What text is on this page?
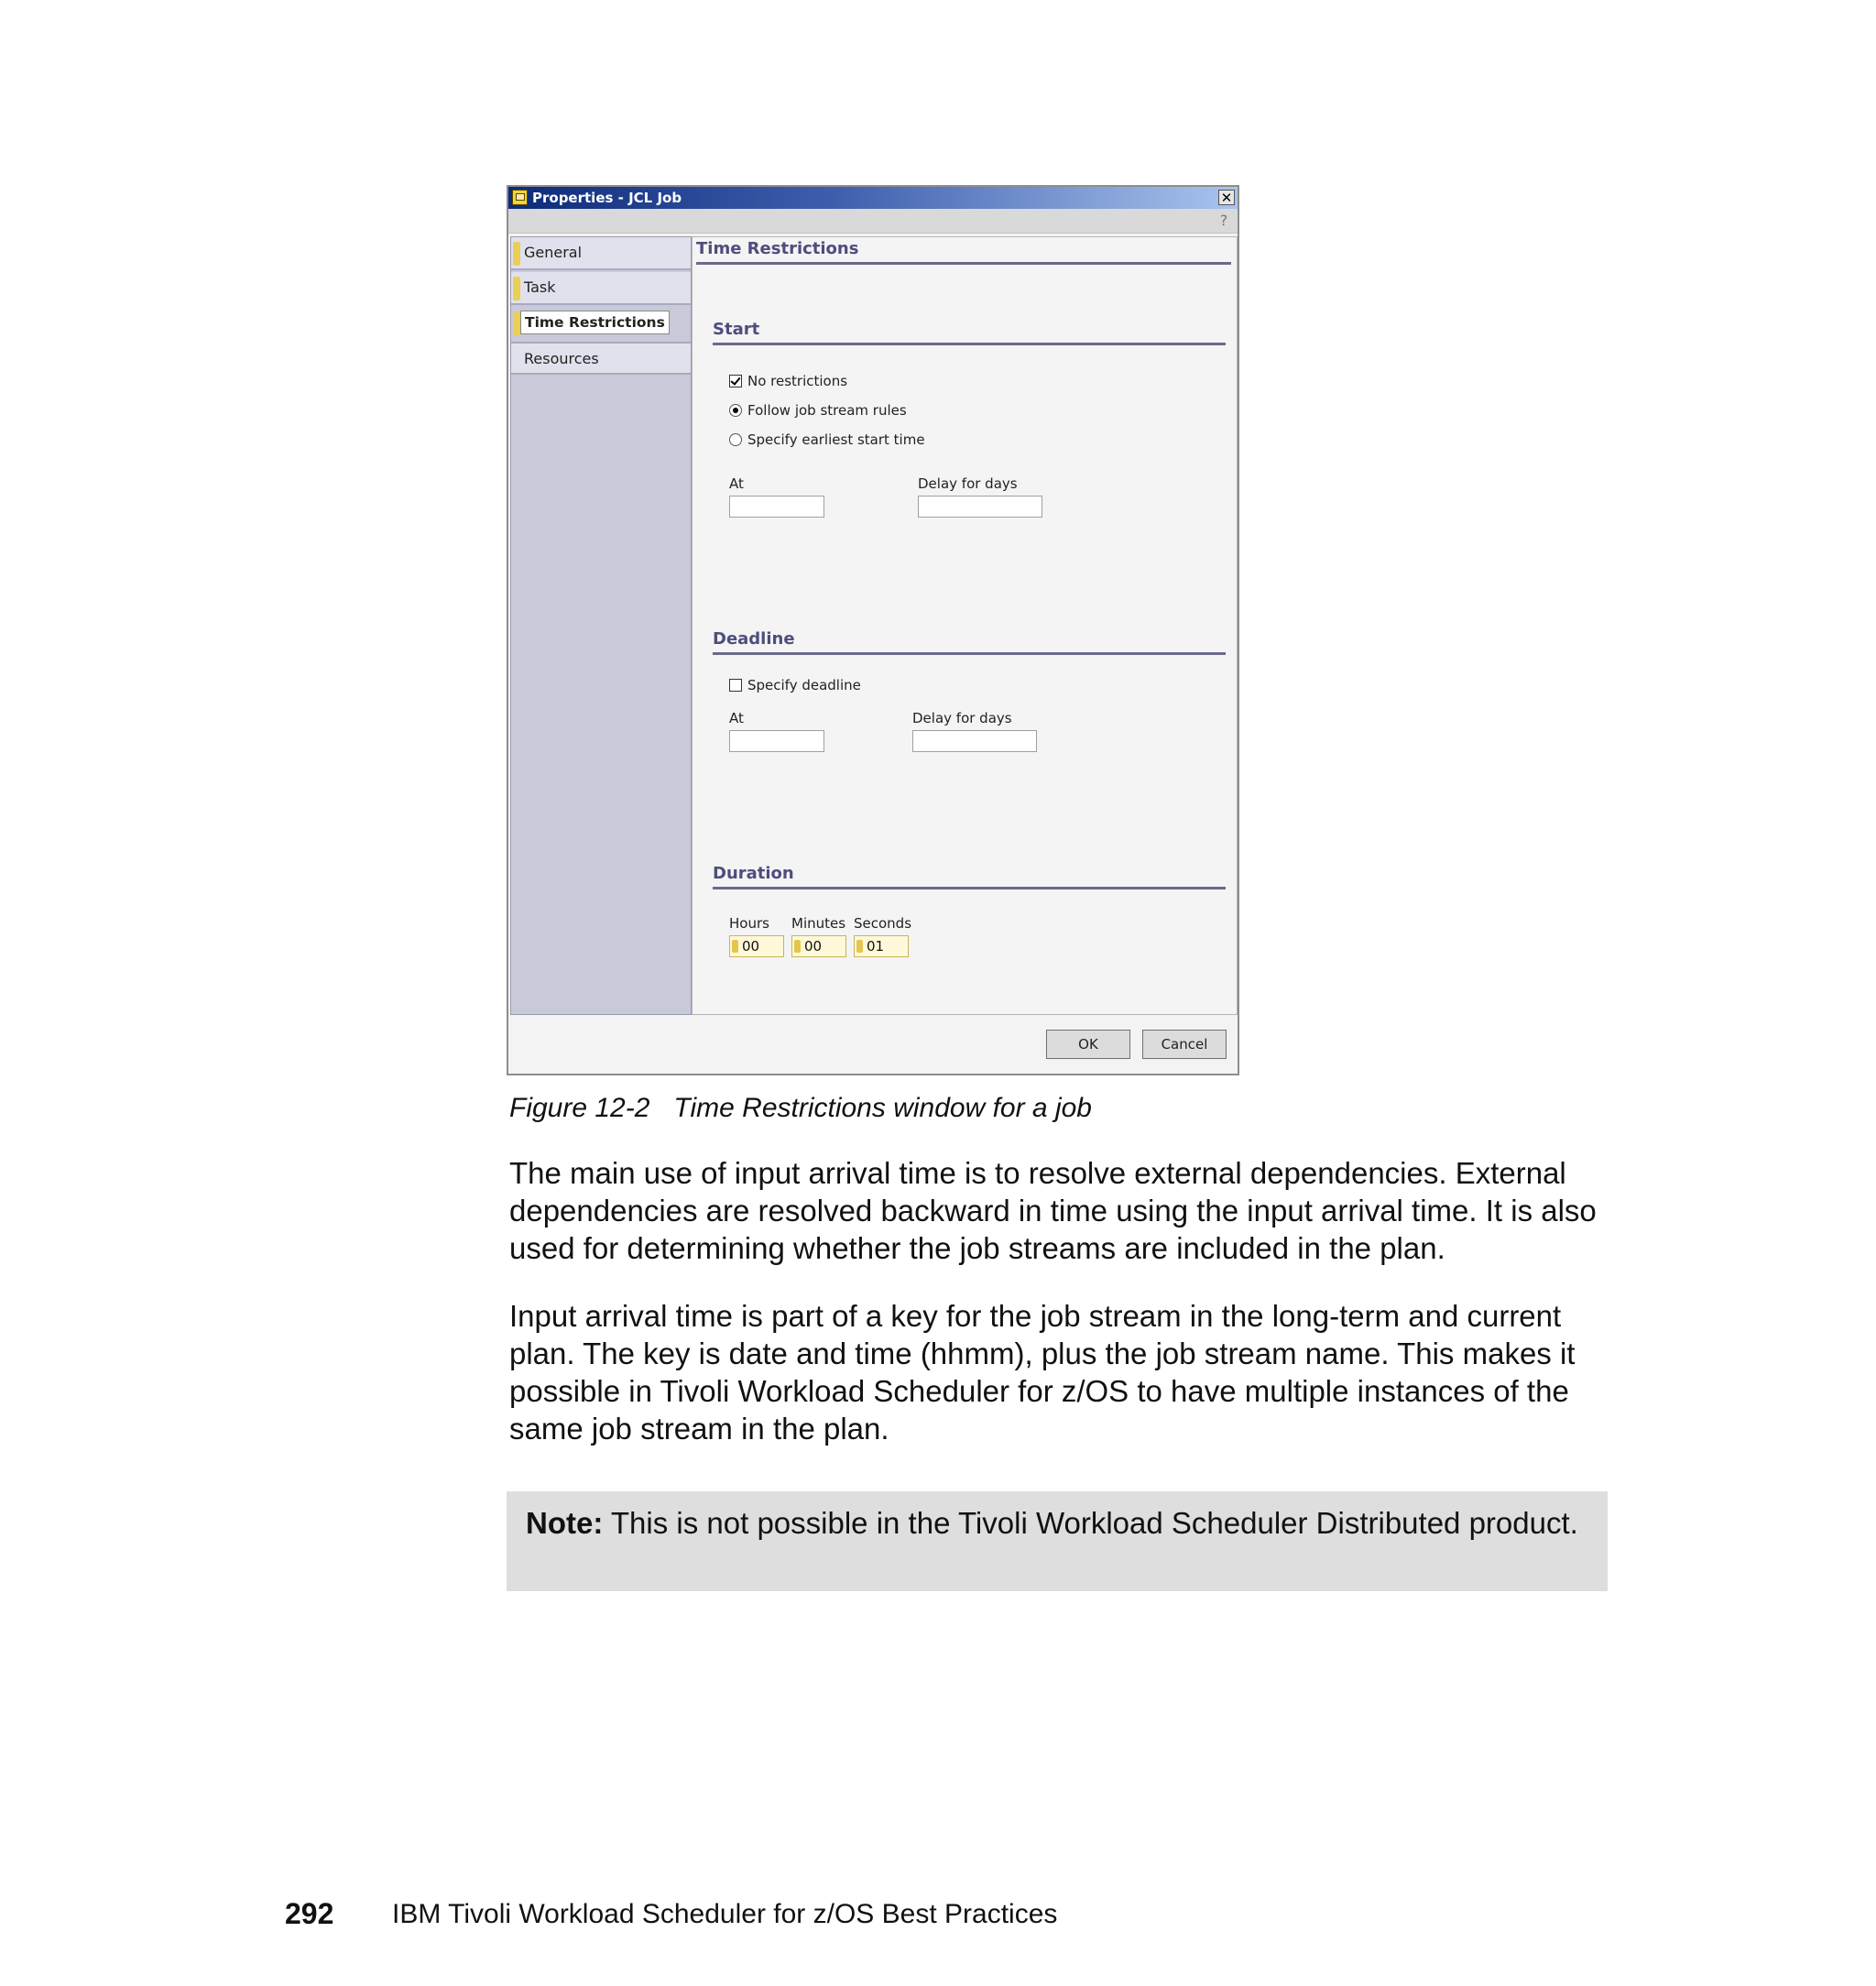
Properties - JCL Job	✕
?
General
Task
Time Restrictions
Resources
Time Restrictions
Start
No restrictions
Follow job stream rules
Specify earliest start time
At	Delay for days
Deadline
Specify deadline
At	Delay for days
Duration
Hours Minutes Seconds
00	00	01
OK	Cancel
Figure 12-2 Time Restrictions window for a job
The main use of input arrival time is to resolve external dependencies. External dependencies are resolved backward in time using the input arrival time. It is also used for determining whether the job streams are included in the plan.
Input arrival time is part of a key for the job stream in the long-term and current plan. The key is date and time (hhmm), plus the job stream name. This makes it possible in Tivoli Workload Scheduler for z/OS to have multiple instances of the same job stream in the plan.
Note: This is not possible in the Tivoli Workload Scheduler Distributed product.
292 IBM Tivoli Workload Scheduler for z/OS Best Practices
